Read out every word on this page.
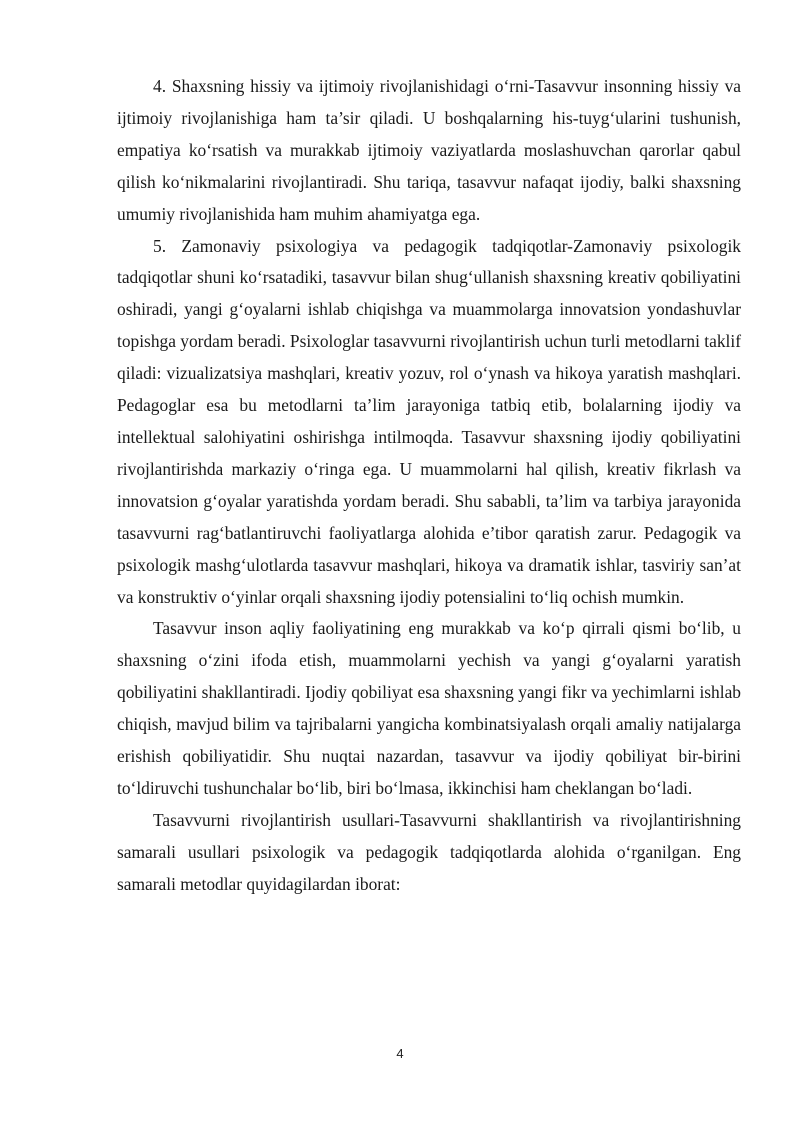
4. Shaxsning hissiy va ijtimoiy rivojlanishidagi o‘rni-Tasavvur insonning hissiy va ijtimoiy rivojlanishiga ham ta’sir qiladi. U boshqalarning his-tuyg‘ularini tushunish, empatiya ko‘rsatish va murakkab ijtimoiy vaziyatlarda moslashuvchan qarorlar qabul qilish ko‘nikmalarini rivojlantiradi. Shu tariqa, tasavvur nafaqat ijodiy, balki shaxsning umumiy rivojlanishida ham muhim ahamiyatga ega.

5. Zamonaviy psixologiya va pedagogik tadqiqotlar-Zamonaviy psixologik tadqiqotlar shuni ko‘rsatadiki, tasavvur bilan shug‘ullanish shaxsning kreativ qobiliyatini oshiradi, yangi g‘oyalarni ishlab chiqishga va muammolarga innovatsion yondashuvlar topishga yordam beradi. Psixologlar tasavvurni rivojlantirish uchun turli metodlarni taklif qiladi: vizualizatsiya mashqlari, kreativ yozuv, rol o‘ynash va hikoya yaratish mashqlari. Pedagoglar esa bu metodlarni ta’lim jarayoniga tatbiq etib, bolalarning ijodiy va intellektual salohiyatini oshirishga intilmoqda. Tasavvur shaxsning ijodiy qobiliyatini rivojlantirishda markaziy o‘ringa ega. U muammolarni hal qilish, kreativ fikrlash va innovatsion g‘oyalar yaratishda yordam beradi. Shu sababli, ta’lim va tarbiya jarayonida tasavvurni rag‘batlantiruvchi faoliyatlarga alohida e’tibor qaratish zarur. Pedagogik va psixologik mashg‘ulotlarda tasavvur mashqlari, hikoya va dramatik ishlar, tasviriy san’at va konstruktiv o‘yinlar orqali shaxsning ijodiy potensialini to‘liq ochish mumkin.

Tasavvur inson aqliy faoliyatining eng murakkab va ko‘p qirrali qismi bo‘lib, u shaxsning o‘zini ifoda etish, muammolarni yechish va yangi g‘oyalarni yaratish qobiliyatini shakllantiradi. Ijodiy qobiliyat esa shaxsning yangi fikr va yechimlarni ishlab chiqish, mavjud bilim va tajribalarni yangicha kombinatsiyalash orqali amaliy natijalarga erishish qobiliyatidir. Shu nuqtai nazardan, tasavvur va ijodiy qobiliyat bir-birini to‘ldiruvchi tushunchalar bo‘lib, biri bo‘lmasa, ikkinchisi ham cheklangan bo‘ladi.

Tasavvurni rivojlantirish usullari-Tasavvurni shakllantirish va rivojlantirishning samarali usullari psixologik va pedagogik tadqiqotlarda alohida o‘rganilgan. Eng samarali metodlar quyidagilardan iborat:

4
